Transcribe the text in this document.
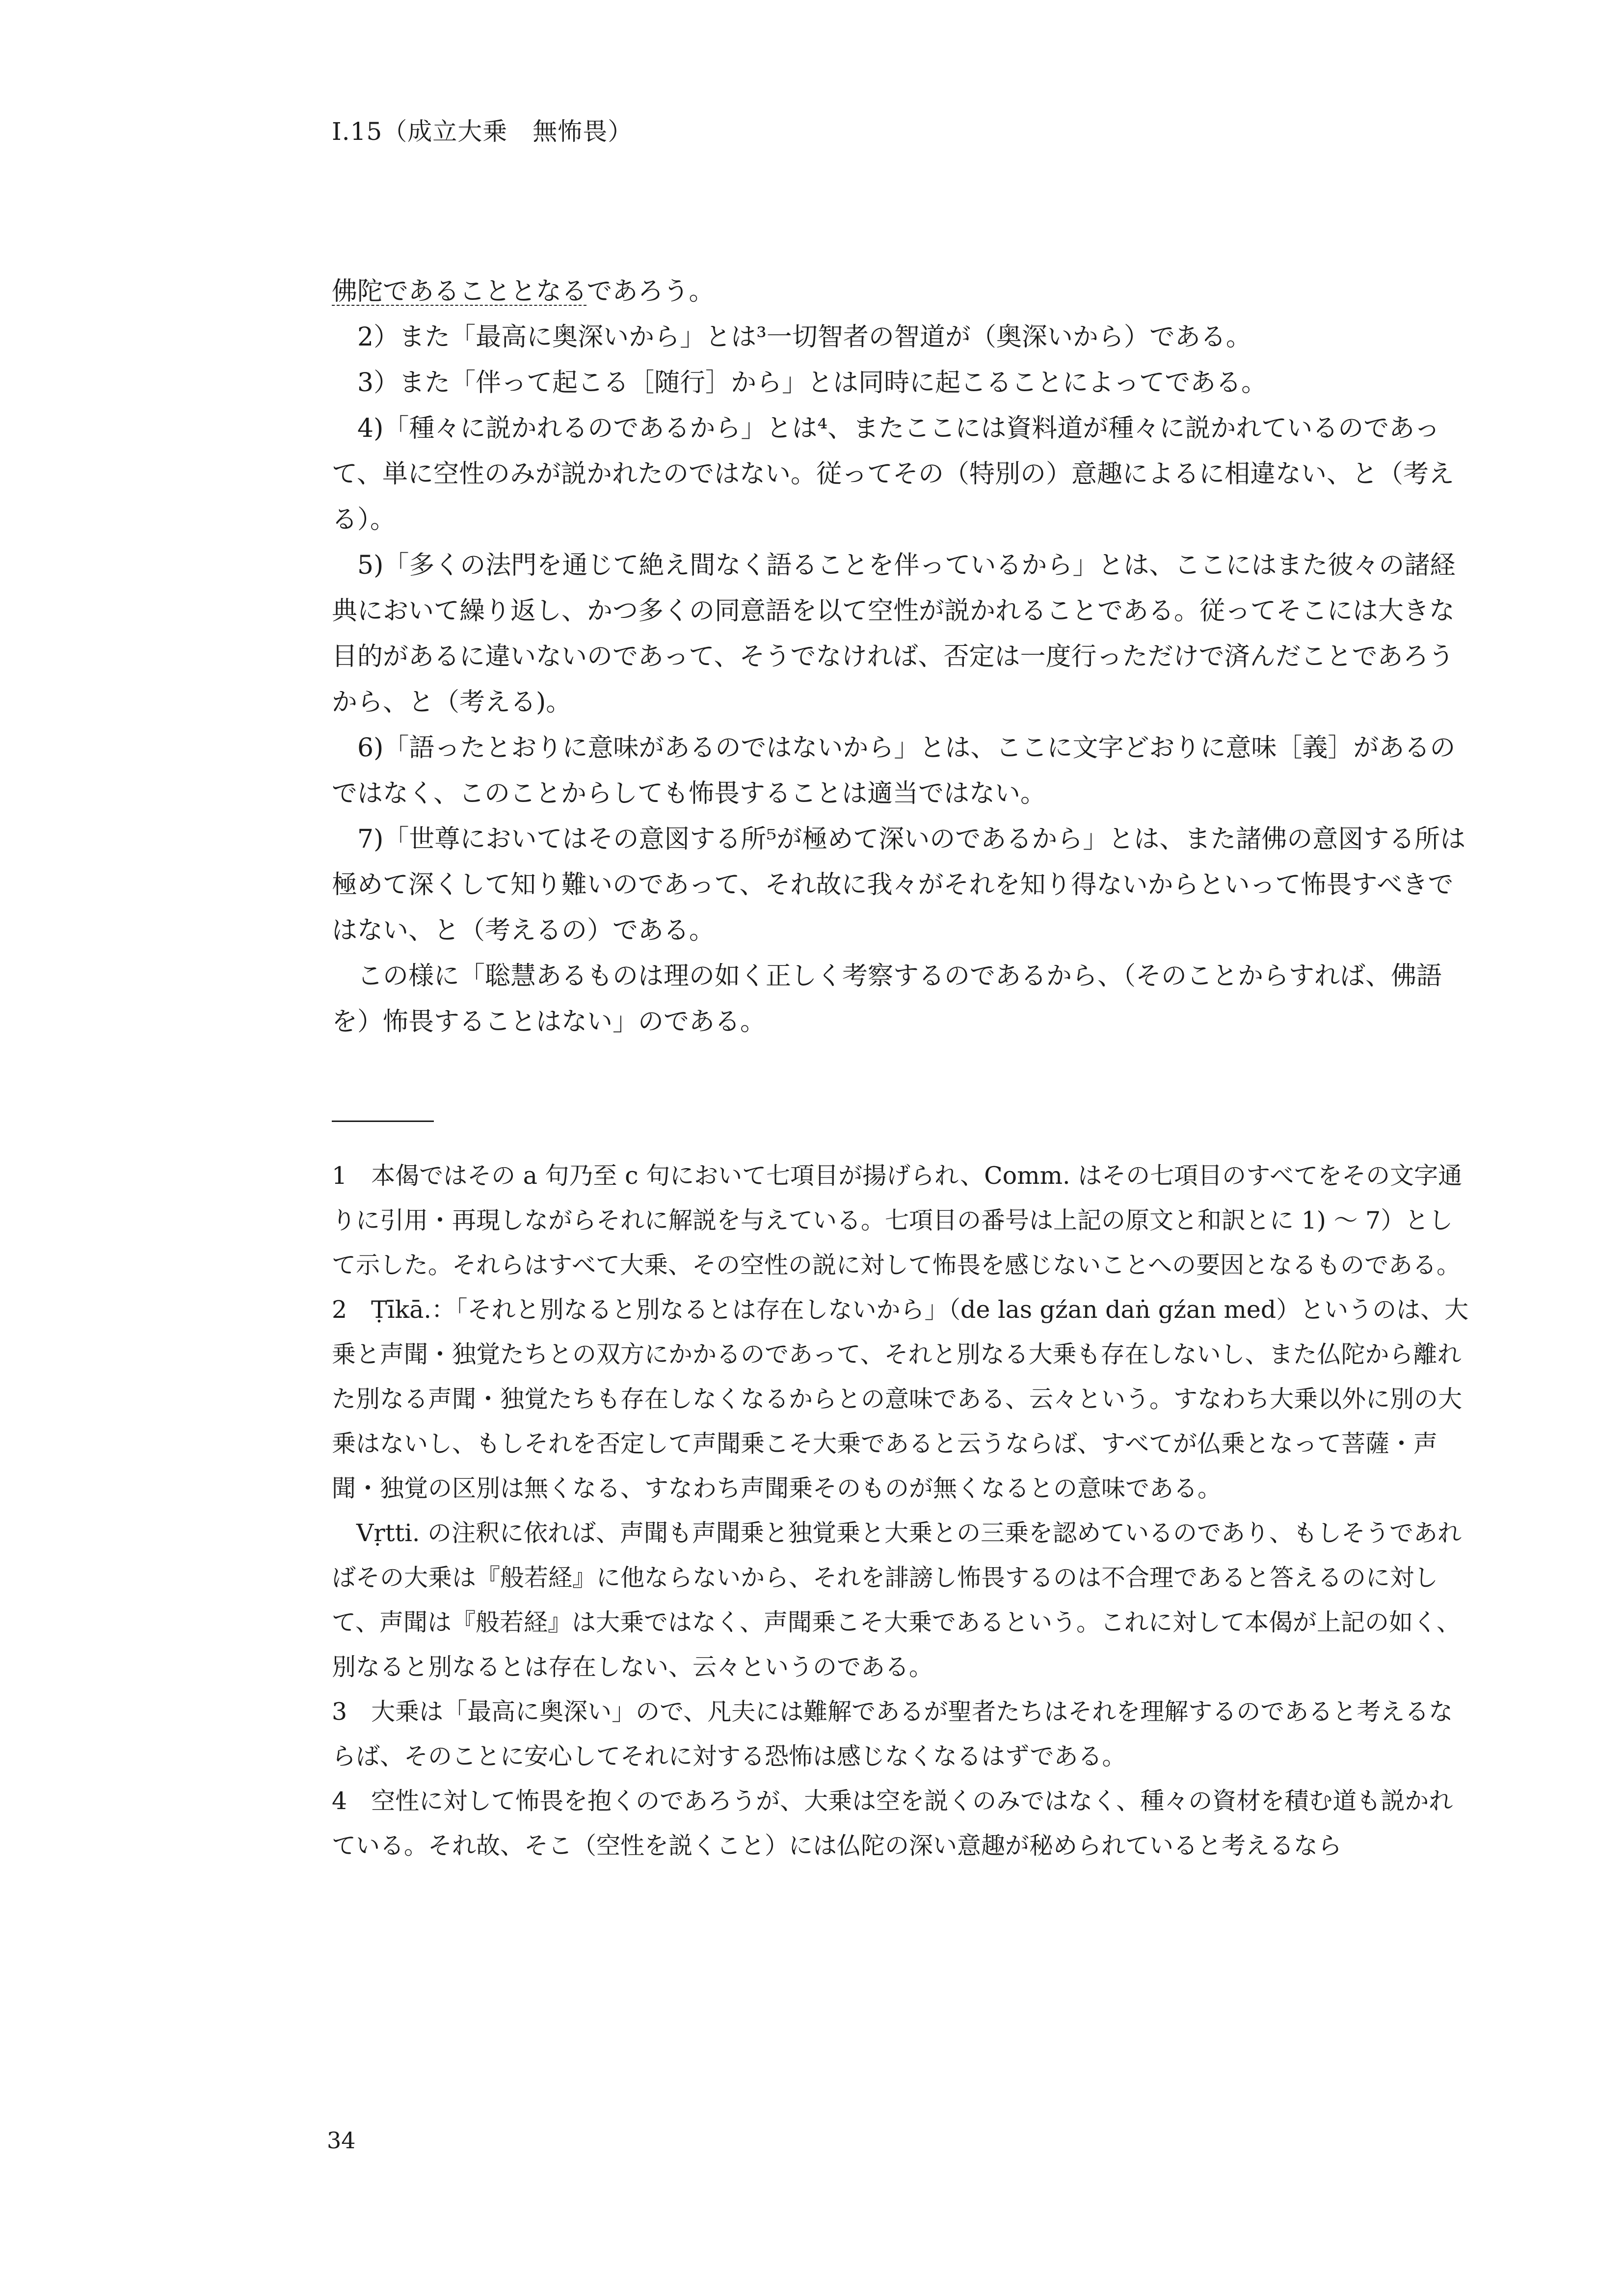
I.15（成立大乗　無怖畏）

佛陀であることとなるであろう。

2）また「最高に奥深いから」とは³一切智者の智道が（奥深いから）である。

3）また「伴って起こる［随行］から」とは同時に起こることによってである。

4)「種々に説かれるのであるから」とは⁴、またここには資料道が種々に説かれているのであって、単に空性のみが説かれたのではない。従ってその（特別の）意趣によるに相違ない、と（考える）。

5)「多くの法門を通じて絶え間なく語ることを伴っているから」とは、ここにはまた彼々の諸経典において繰り返し、かつ多くの同意語を以て空性が説かれることである。従ってそこには大きな目的があるに違いないのであって、そうでなければ、否定は一度行っただけで済んだことであろうから、と（考える)。

6)「語ったとおりに意味があるのではないから」とは、ここに文字どおりに意味［義］があるのではなく、このことからしても怖畏することは適当ではない。

7)「世尊においてはその意図する所⁵が極めて深いのであるから」とは、また諸佛の意図する所は極めて深くして知り難いのであって、それ故に我々がそれを知り得ないからといって怖畏すべきではない、と（考えるの）である。

この様に「聡慧あるものは理の如く正しく考察するのであるから、（そのことからすれば、佛語を）怖畏することはない」のである。

1　本偈ではその a 句乃至 c 句において七項目が揚げられ、Comm. はその七項目のすべてをその文字通りに引用・再現しながらそれに解説を与えている。七項目の番号は上記の原文と和訳とに 1) 〜 7）として示した。それらはすべて大乗、その空性の説に対して怖畏を感じないことへの要因となるものである。

2　Ṭīkā.：「それと別なると別なるとは存在しないから」（de las gźan daṅ gźan med）というのは、大乗と声聞・独覚たちとの双方にかかるのであって、それと別なる大乗も存在しないし、また仏陀から離れた別なる声聞・独覚たちも存在しなくなるからとの意味である、云々という。すなわち大乗以外に別の大乗はないし、もしそれを否定して声聞乗こそ大乗であると云うならば、すべてが仏乗となって菩薩・声聞・独覚の区別は無くなる、すなわち声聞乗そのものが無くなるとの意味である。

Vṛtti. の注釈に依れば、声聞も声聞乗と独覚乗と大乗との三乗を認めているのであり、もしそうであればその大乗は『般若経』に他ならないから、それを誹謗し怖畏するのは不合理であると答えるのに対して、声聞は『般若経』は大乗ではなく、声聞乗こそ大乗であるという。これに対して本偈が上記の如く、別なると別なるとは存在しない、云々というのである。

3　大乗は「最高に奥深い」ので、凡夫には難解であるが聖者たちはそれを理解するのであると考えるならば、そのことに安心してそれに対する恐怖は感じなくなるはずである。

4　空性に対して怖畏を抱くのであろうが、大乗は空を説くのみではなく、種々の資材を積む道も説かれている。それ故、そこ（空性を説くこと）には仏陀の深い意趣が秘められていると考えるなら

34
